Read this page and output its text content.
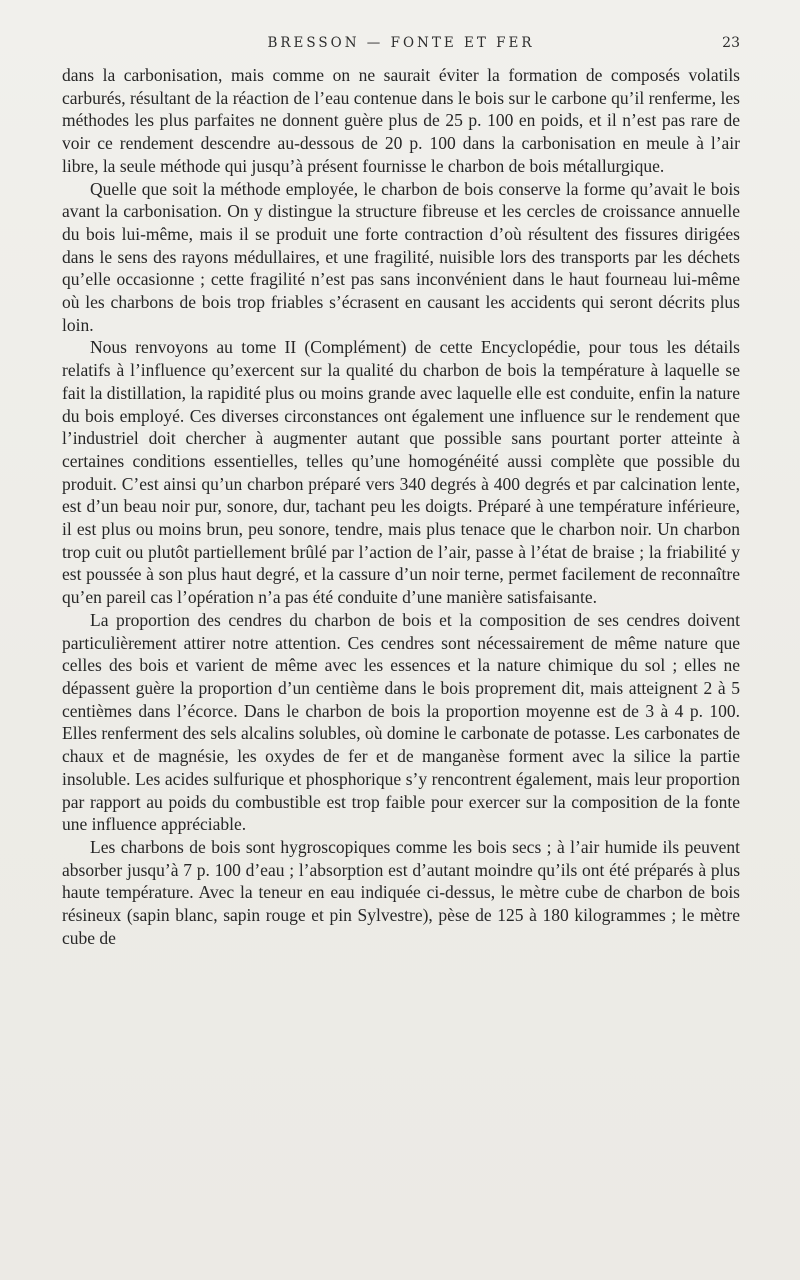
BRESSON — FONTE ET FER	23

dans la carbonisation, mais comme on ne saurait éviter la formation de composés volatils carburés, résultant de la réaction de l’eau contenue dans le bois sur le carbone qu’il renferme, les méthodes les plus parfaites ne donnent guère plus de 25 p. 100 en poids, et il n’est pas rare de voir ce rendement descendre au-dessous de 20 p. 100 dans la carbonisation en meule à l’air libre, la seule méthode qui jusqu’à présent fournisse le charbon de bois métallurgique.

Quelle que soit la méthode employée, le charbon de bois conserve la forme qu’avait le bois avant la carbonisation. On y distingue la structure fibreuse et les cercles de croissance annuelle du bois lui-même, mais il se produit une forte contraction d’où résultent des fissures dirigées dans le sens des rayons médullaires, et une fragilité, nuisible lors des transports par les déchets qu’elle occasionne ; cette fragilité n’est pas sans inconvénient dans le haut fourneau lui-même où les charbons de bois trop friables s’écrasent en causant les accidents qui seront décrits plus loin.

Nous renvoyons au tome II (Complément) de cette Encyclopédie, pour tous les détails relatifs à l’influence qu’exercent sur la qualité du charbon de bois la température à laquelle se fait la distillation, la rapidité plus ou moins grande avec laquelle elle est conduite, enfin la nature du bois employé. Ces diverses circonstances ont également une influence sur le rendement que l’industriel doit chercher à augmenter autant que possible sans pourtant porter atteinte à certaines conditions essentielles, telles qu’une homogénéité aussi complète que possible du produit. C’est ainsi qu’un charbon préparé vers 340 degrés à 400 degrés et par calcination lente, est d’un beau noir pur, sonore, dur, tachant peu les doigts. Préparé à une température inférieure, il est plus ou moins brun, peu sonore, tendre, mais plus tenace que le charbon noir. Un charbon trop cuit ou plutôt partiellement brûlé par l’action de l’air, passe à l’état de braise ; la friabilité y est poussée à son plus haut degré, et la cassure d’un noir terne, permet facilement de reconnaître qu’en pareil cas l’opération n’a pas été conduite d’une manière satisfaisante.

La proportion des cendres du charbon de bois et la composition de ses cendres doivent particulièrement attirer notre attention. Ces cendres sont nécessairement de même nature que celles des bois et varient de même avec les essences et la nature chimique du sol ; elles ne dépassent guère la proportion d’un centième dans le bois proprement dit, mais atteignent 2 à 5 centièmes dans l’écorce. Dans le charbon de bois la proportion moyenne est de 3 à 4 p. 100. Elles renferment des sels alcalins solubles, où domine le carbonate de potasse. Les carbonates de chaux et de magnésie, les oxydes de fer et de manganèse forment avec la silice la partie insoluble. Les acides sulfurique et phosphorique s’y rencontrent également, mais leur proportion par rapport au poids du combustible est trop faible pour exercer sur la composition de la fonte une influence appréciable.

Les charbons de bois sont hygroscopiques comme les bois secs ; à l’air humide ils peuvent absorber jusqu’à 7 p. 100 d’eau ; l’absorption est d’autant moindre qu’ils ont été préparés à plus haute température. Avec la teneur en eau indiquée ci-dessus, le mètre cube de charbon de bois résineux (sapin blanc, sapin rouge et pin Sylvestre), pèse de 125 à 180 kilogrammes ; le mètre cube de
